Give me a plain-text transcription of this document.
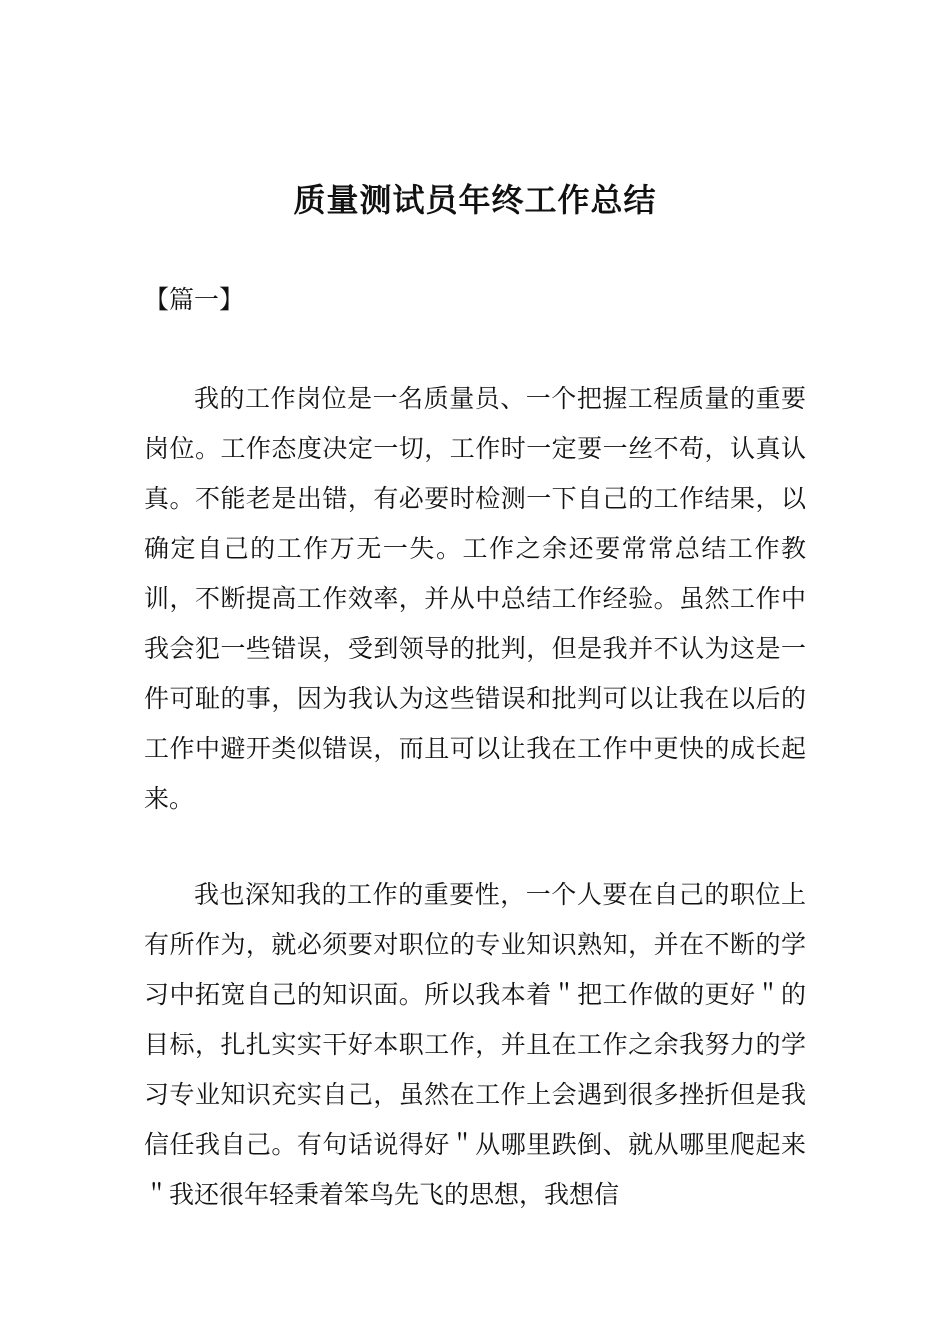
质量测试员年终工作总结
【篇一】

我的工作岗位是一名质量员、一个把握工程质量的重要岗位。工作态度决定一切，工作时一定要一丝不苟，认真认真。不能老是出错，有必要时检测一下自己的工作结果，以确定自己的工作万无一失。工作之余还要常常总结工作教训，不断提高工作效率，并从中总结工作经验。虽然工作中我会犯一些错误，受到领导的批判，但是我并不认为这是一件可耻的事，因为我认为这些错误和批判可以让我在以后的工作中避开类似错误，而且可以让我在工作中更快的成长起来。

我也深知我的工作的重要性，一个人要在自己的职位上有所作为，就必须要对职位的专业知识熟知，并在不断的学习中拓宽自己的知识面。所以我本着＂把工作做的更好＂的目标，扎扎实实干好本职工作，并且在工作之余我努力的学习专业知识充实自己，虽然在工作上会遇到很多挫折但是我信任我自己。有句话说得好＂从哪里跌倒、就从哪里爬起来＂我还很年轻秉着笨鸟先飞的思想，我想信
